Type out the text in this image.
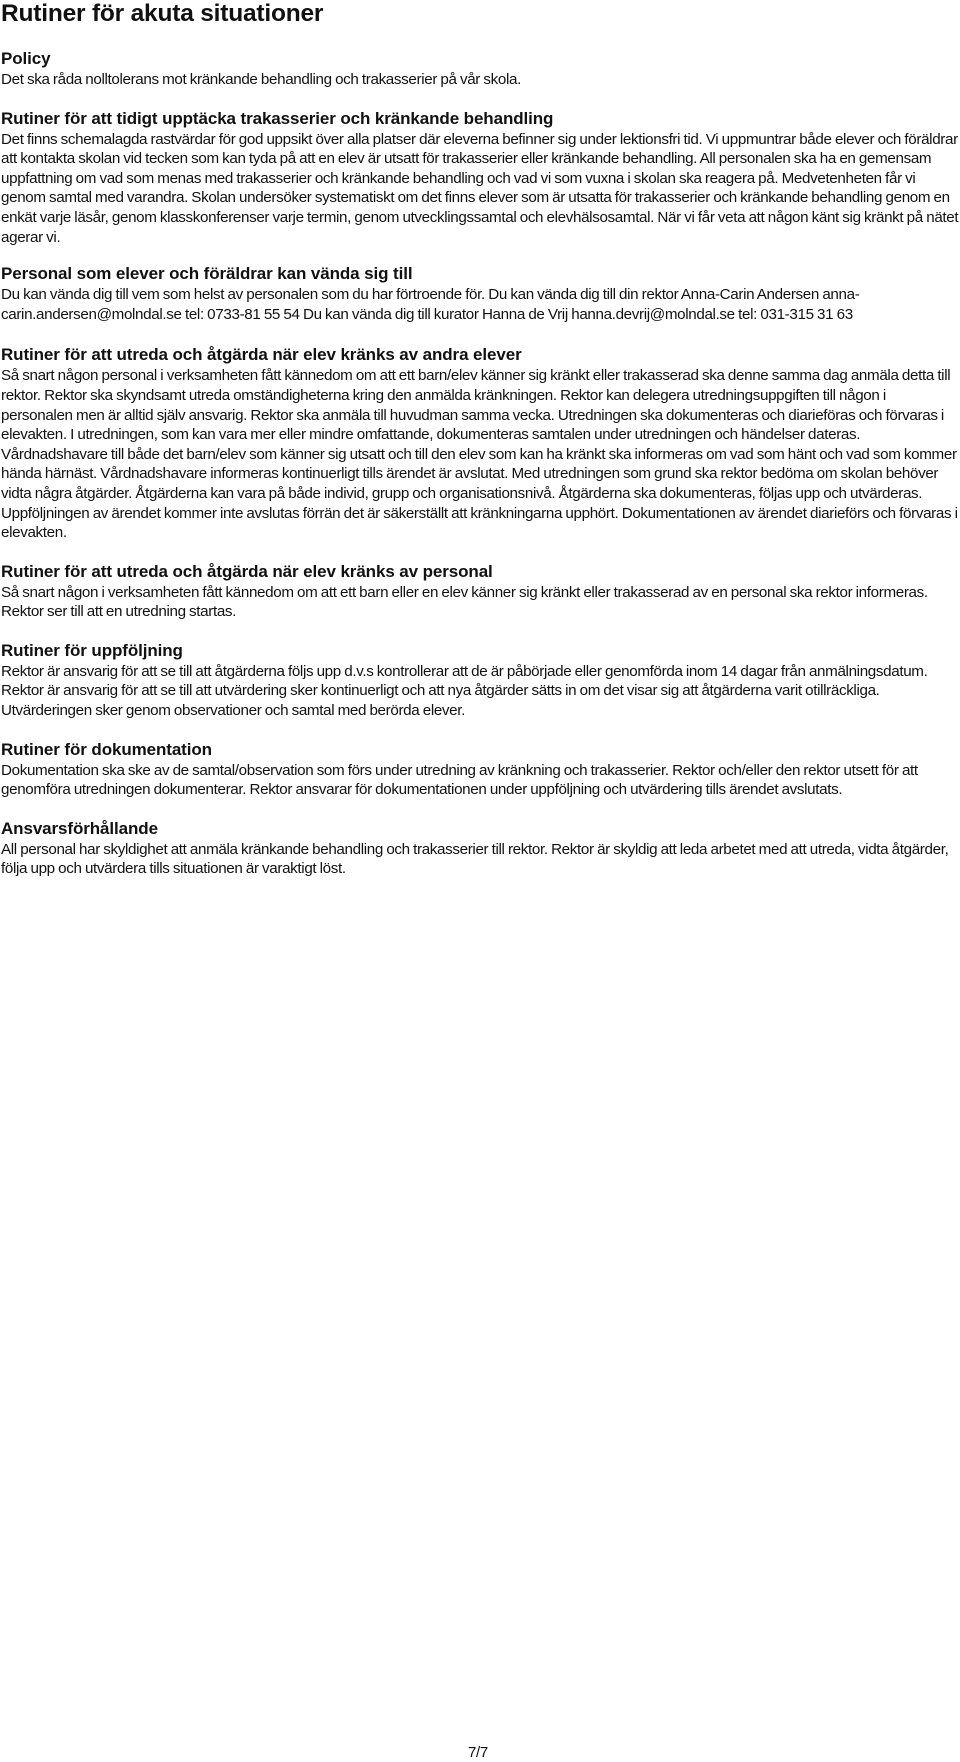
Rutiner för akuta situationer
Policy

Det ska råda nolltolerans mot kränkande behandling och trakasserier på vår skola.

Rutiner för att tidigt upptäcka trakasserier och kränkande behandling

Det finns schemalagda rastvärdar för god uppsikt över alla platser där eleverna befinner sig under lektionsfri tid. Vi uppmuntrar både elever och föräldrar att kontakta skolan vid tecken som kan tyda på att en elev är utsatt för trakasserier eller kränkande behandling. All personalen ska ha en gemensam uppfattning om vad som menas med trakasserier och kränkande behandling och vad vi som vuxna i skolan ska reagera på. Medvetenheten får vi genom samtal med varandra. Skolan undersöker systematiskt om det finns elever som är utsatta för trakasserier och kränkande behandling genom en enkät varje läsår, genom klasskonferenser varje termin, genom utvecklingssamtal och elevhälsosamtal. När vi får veta att någon känt sig kränkt på nätet agerar vi.

Personal som elever och föräldrar kan vända sig till

Du kan vända dig till vem som helst av personalen som du har förtroende för. Du kan vända dig till din rektor Anna-Carin Andersen anna-carin.andersen@molndal.se tel: 0733-81 55 54 Du kan vända dig till kurator Hanna de Vrij hanna.devrij@molndal.se tel: 031-315 31 63

Rutiner för att utreda och åtgärda när elev kränks av andra elever

Så snart någon personal i verksamheten fått kännedom om att ett barn/elev känner sig kränkt eller trakasserad ska denne samma dag anmäla detta till rektor. Rektor ska skyndsamt utreda omständigheterna kring den anmälda kränkningen. Rektor kan delegera utredningsuppgiften till någon i personalen men är alltid själv ansvarig. Rektor ska anmäla till huvudman samma vecka. Utredningen ska dokumenteras och diarieföras och förvaras i elevakten. I utredningen, som kan vara mer eller mindre omfattande, dokumenteras samtalen under utredningen och händelser dateras. Vårdnadshavare till både det barn/elev som känner sig utsatt och till den elev som kan ha kränkt ska informeras om vad som hänt och vad som kommer hända härnäst. Vårdnadshavare informeras kontinuerligt tills ärendet är avslutat. Med utredningen som grund ska rektor bedöma om skolan behöver vidta några åtgärder. Åtgärderna kan vara på både individ, grupp och organisationsnivå. Åtgärderna ska dokumenteras, följas upp och utvärderas. Uppföljningen av ärendet kommer inte avslutas förrän det är säkerställt att kränkningarna upphört. Dokumentationen av ärendet diarieförs och förvaras i elevakten.

Rutiner för att utreda och åtgärda när elev kränks av personal

Så snart någon i verksamheten fått kännedom om att ett barn eller en elev känner sig kränkt eller trakasserad av en personal ska rektor informeras. Rektor ser till att en utredning startas.

Rutiner för uppföljning

Rektor är ansvarig för att se till att åtgärderna följs upp d.v.s kontrollerar att de är påbörjade eller genomförda inom 14 dagar från anmälningsdatum. Rektor är ansvarig för att se till att utvärdering sker kontinuerligt och att nya åtgärder sätts in om det visar sig att åtgärderna varit otillräckliga. Utvärderingen sker genom observationer och samtal med berörda elever.

Rutiner för dokumentation

Dokumentation ska ske av de samtal/observation som förs under utredning av kränkning och trakasserier. Rektor och/eller den rektor utsett för att genomföra utredningen dokumenterar. Rektor ansvarar för dokumentationen under uppföljning och utvärdering tills ärendet avslutats.

Ansvarsförhållande

All personal har skyldighet att anmäla kränkande behandling och trakasserier till rektor. Rektor är skyldig att leda arbetet med att utreda, vidta åtgärder, följa upp och utvärdera tills situationen är varaktigt löst.

7/7
